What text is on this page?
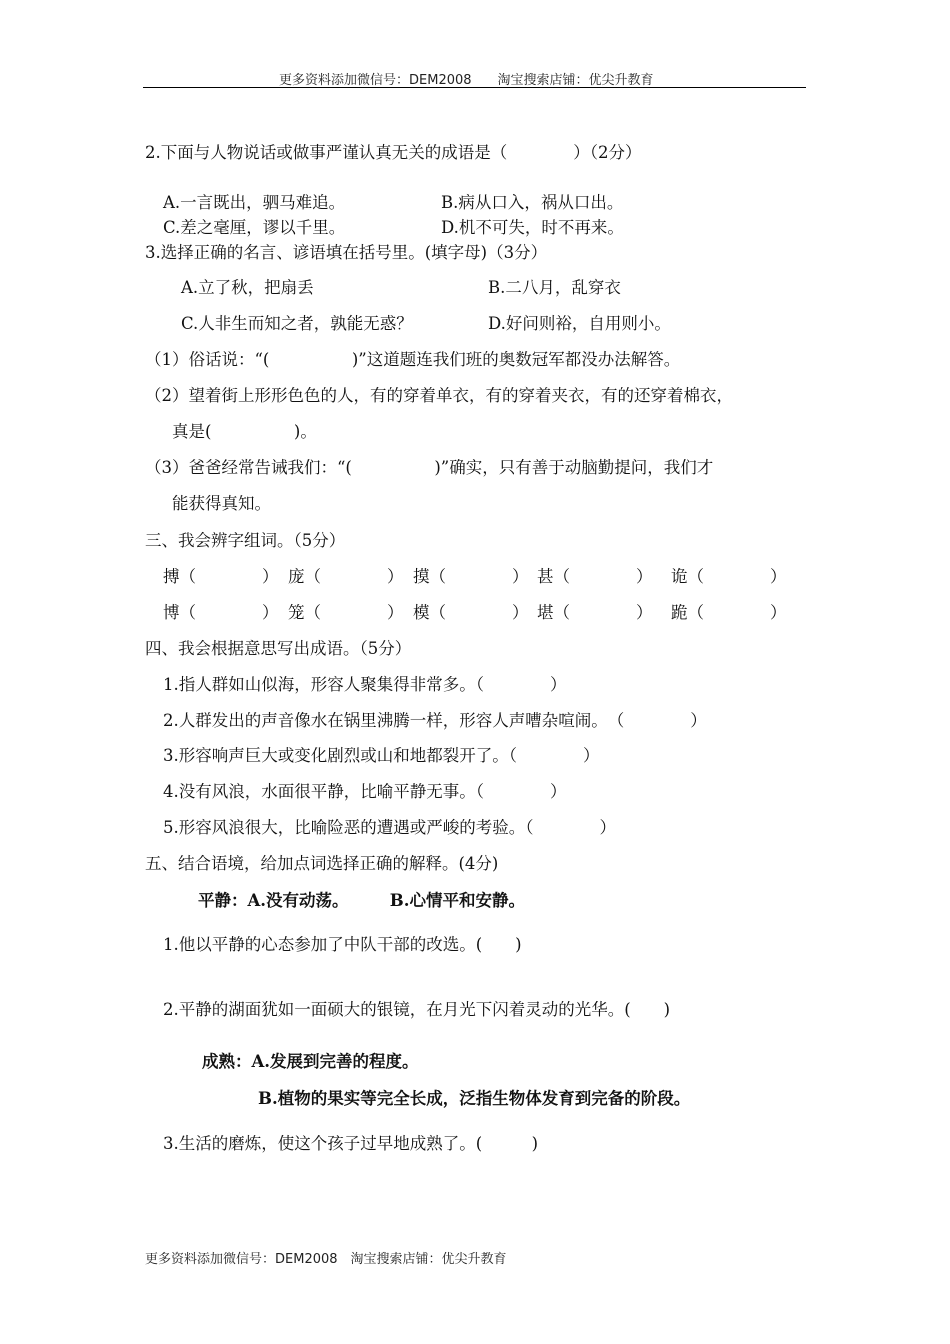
更多资料添加微信号：DEM2008　　淘宝搜索店铺：优尖升教育
2.下面与人物说话或做事严谨认真无关的成语是（　　　　）（2分）
A.一言既出，驷马难追。	B.病从口入，祸从口出。
C.差之毫厘，谬以千里。	D.机不可失，时不再来。
3.选择正确的名言、谚语填在括号里。(填字母)（3分）
A.立了秋，把扇丢	B.二八月，乱穿衣
C.人非生而知之者，孰能无惑？	D.好问则裕，自用则小。
（1）俗话说：“(　　　　　)”这道题连我们班的奥数冠军都没办法解答。
（2）望着街上形形色色的人，有的穿着单衣，有的穿着夹衣，有的还穿着棉衣，
真是(　　　　　)。
（3）爸爸经常告诫我们：“(　　　　　)”确实，只有善于动脑勤提问，我们才
能获得真知。
三、我会辨字组词。（5分）
搏（　　　　） 庞（　　　　） 摸（　　　　） 甚（　　　　） 诡（　　　　）
博（　　　　） 笼（　　　　） 模（　　　　） 堪（　　　　） 跪（　　　　）
四、我会根据意思写出成语。（5分）
1.指人群如山似海，形容人聚集得非常多。（　　　　）
2.人群发出的声音像水在锅里沸腾一样，形容人声嘈杂喧闹。　（　　　　）
3.形容响声巨大或变化剧烈或山和地都裂开了。（　　　　）
4.没有风浪，水面很平静，比喻平静无事。（　　　　）
5.形容风浪很大，比喻险恶的遭遇或严峻的考验。（　　　　）
五、结合语境，给加点词选择正确的解释。(4分)
平静：A.没有动荡。　　　B.心情平和安静。
1.他以平静的心态参加了中队干部的改选。(　　)
2.平静的湖面犹如一面硕大的银镜，在月光下闪着灵动的光华。(　　)
成熟：A.发展到完善的程度。
B.植物的果实等完全长成，泛指生物体发育到完备的阶段。
3.生活的磨炼，使这个孩子过早地成熟了。(　　　)
更多资料添加微信号：DEM2008　淘宝搜索店铺：优尖升教育
